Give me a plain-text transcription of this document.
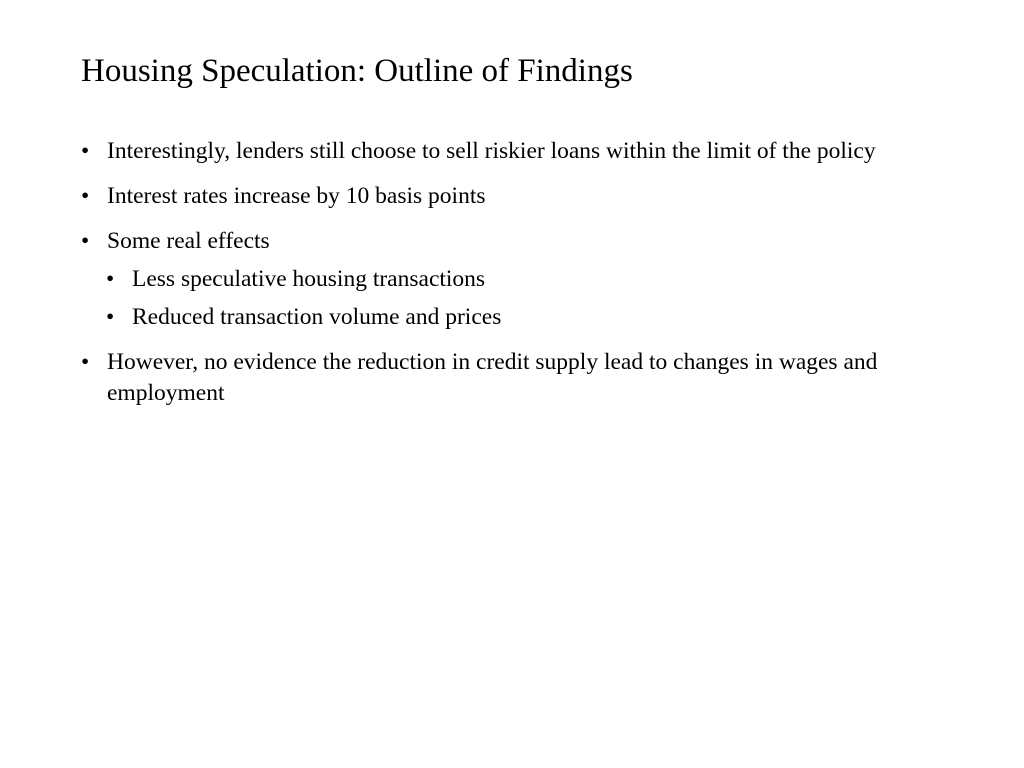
Housing Speculation: Outline of Findings
• Interestingly, lenders still choose to sell riskier loans within the limit of the policy
• Interest rates increase by 10 basis points
• Some real effects
• Less speculative housing transactions
• Reduced transaction volume and prices
• However, no evidence the reduction in credit supply lead to changes in wages and employment
